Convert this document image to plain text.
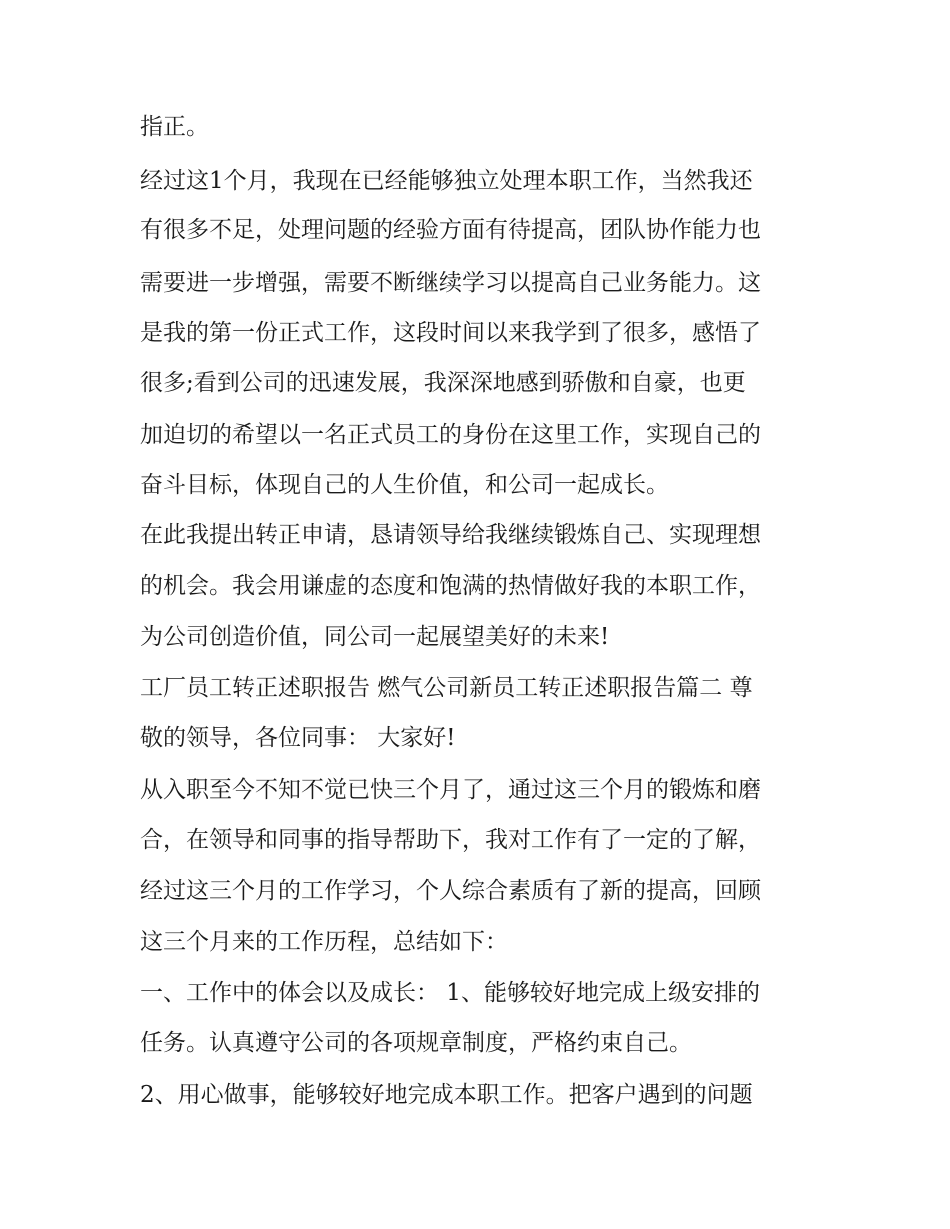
指正。
经过这1个月，我现在已经能够独立处理本职工作，当然我还
有很多不足，处理问题的经验方面有待提高，团队协作能力也
需要进一步增强，需要不断继续学习以提高自己业务能力。这
是我的第一份正式工作，这段时间以来我学到了很多，感悟了
很多;看到公司的迅速发展，我深深地感到骄傲和自豪，也更
加迫切的希望以一名正式员工的身份在这里工作，实现自己的
奋斗目标，体现自己的人生价值，和公司一起成长。
在此我提出转正申请，恳请领导给我继续锻炼自己、实现理想
的机会。我会用谦虚的态度和饱满的热情做好我的本职工作，
为公司创造价值，同公司一起展望美好的未来!
工厂员工转正述职报告 燃气公司新员工转正述职报告篇二 尊
敬的领导，各位同事： 大家好!
从入职至今不知不觉已快三个月了，通过这三个月的锻炼和磨
合，在领导和同事的指导帮助下，我对工作有了一定的了解，
经过这三个月的工作学习，个人综合素质有了新的提高，回顾
这三个月来的工作历程，总结如下：
一、工作中的体会以及成长： 1、能够较好地完成上级安排的
任务。认真遵守公司的各项规章制度，严格约束自己。
2、用心做事，能够较好地完成本职工作。把客户遇到的问题
